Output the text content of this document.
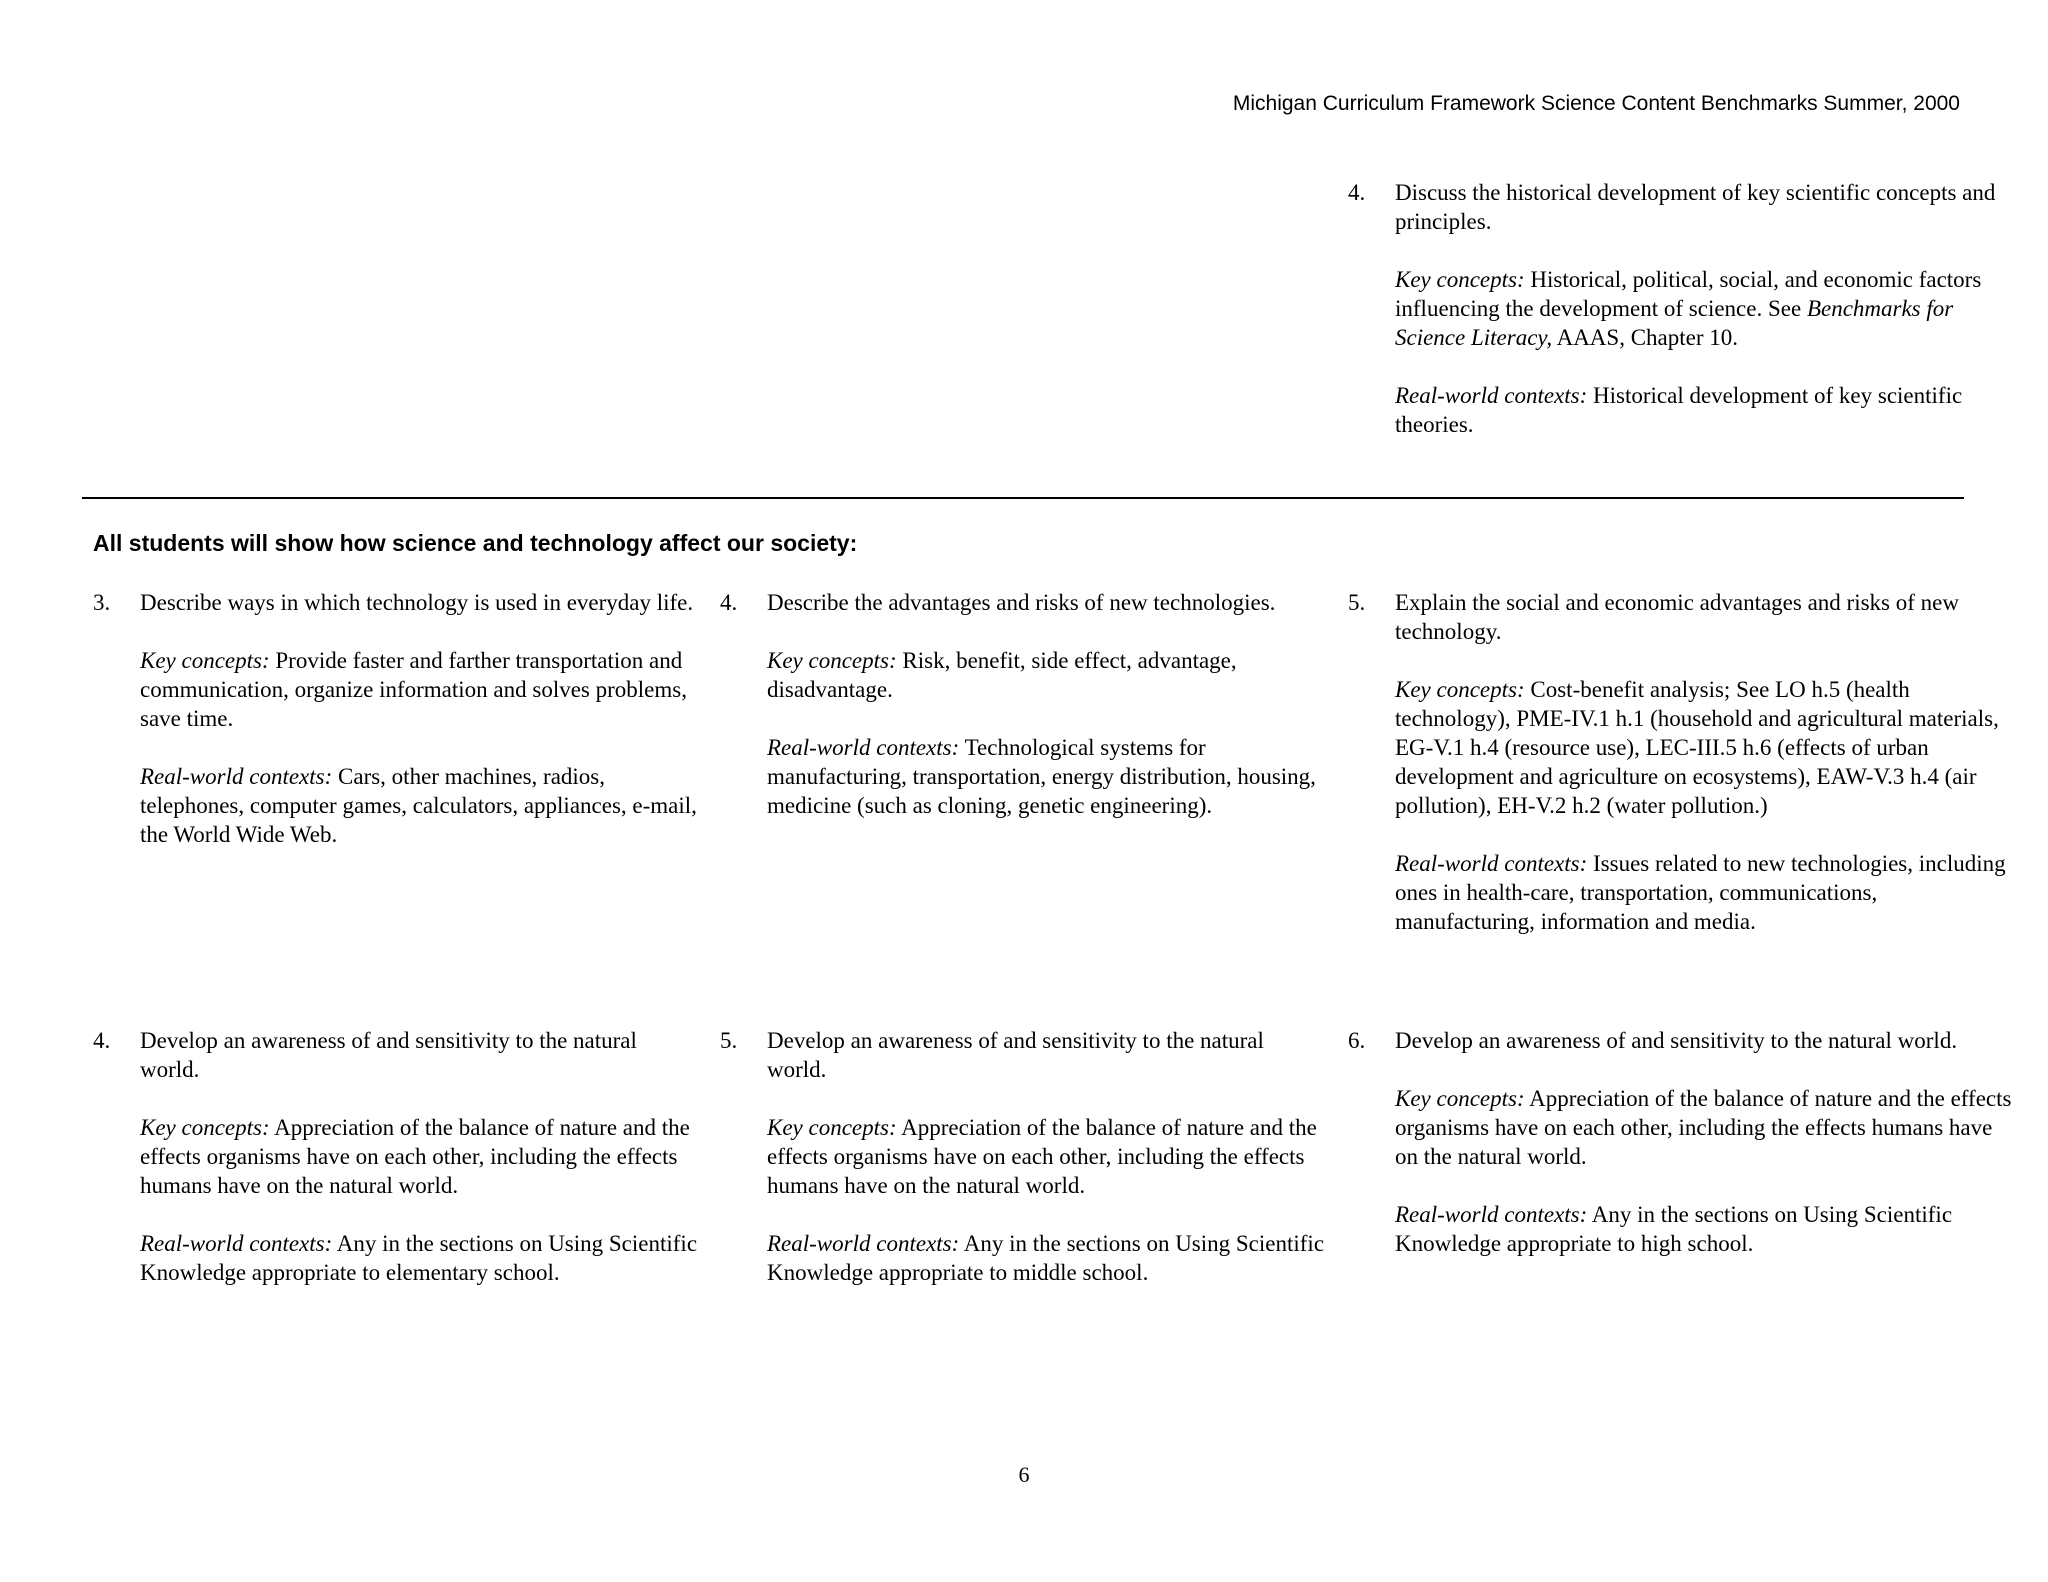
Michigan Curriculum Framework Science Content Benchmarks Summer, 2000
4. Discuss the historical development of key scientific concepts and principles.

Key concepts: Historical, political, social, and economic factors influencing the development of science. See Benchmarks for Science Literacy, AAAS, Chapter 10.

Real-world contexts: Historical development of key scientific theories.

All students will show how science and technology affect our society:
3. Describe ways in which technology is used in everyday life.

Key concepts: Provide faster and farther transportation and communication, organize information and solves problems, save time.

Real-world contexts: Cars, other machines, radios, telephones, computer games, calculators, appliances, e-mail, the World Wide Web.

4. Describe the advantages and risks of new technologies.

Key concepts: Risk, benefit, side effect, advantage, disadvantage.

Real-world contexts: Technological systems for manufacturing, transportation, energy distribution, housing, medicine (such as cloning, genetic engineering).

5. Explain the social and economic advantages and risks of new technology.

Key concepts: Cost-benefit analysis; See LO h.5 (health technology), PME-IV.1 h.1 (household and agricultural materials, EG-V.1 h.4 (resource use), LEC-III.5 h.6 (effects of urban development and agriculture on ecosystems), EAW-V.3 h.4 (air pollution), EH-V.2 h.2 (water pollution.)

Real-world contexts: Issues related to new technologies, including ones in health-care, transportation, communications, manufacturing, information and media.

4. Develop an awareness of and sensitivity to the natural world.

Key concepts: Appreciation of the balance of nature and the effects organisms have on each other, including the effects humans have on the natural world.

Real-world contexts: Any in the sections on Using Scientific Knowledge appropriate to elementary school.

5. Develop an awareness of and sensitivity to the natural world.

Key concepts: Appreciation of the balance of nature and the effects organisms have on each other, including the effects humans have on the natural world.

Real-world contexts: Any in the sections on Using Scientific Knowledge appropriate to middle school.

6. Develop an awareness of and sensitivity to the natural world.

Key concepts: Appreciation of the balance of nature and the effects organisms have on each other, including the effects humans have on the natural world.

Real-world contexts: Any in the sections on Using Scientific Knowledge appropriate to high school.

6
